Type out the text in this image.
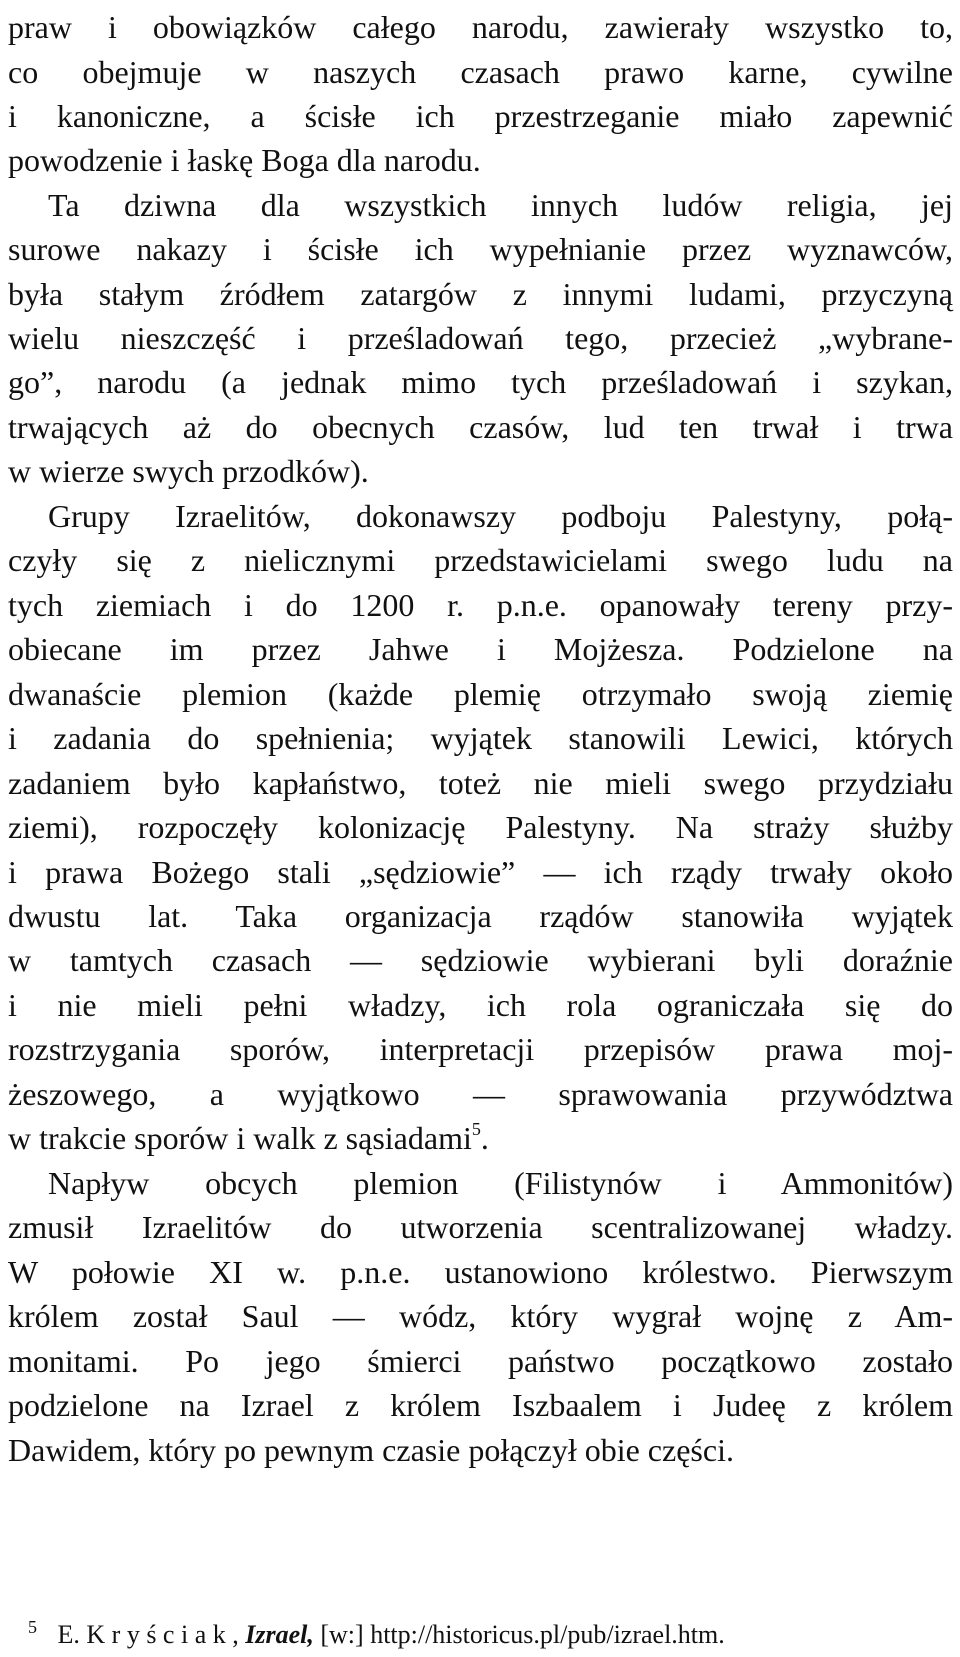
praw i obowiązków całego narodu, zawierały wszystko to,
co obejmuje w naszych czasach prawo karne, cywilne
i kanoniczne, a ścisłe ich przestrzeganie miało zapewnić
powodzenie i łaskę Boga dla narodu.
Ta dziwna dla wszystkich innych ludów religia, jej
surowe nakazy i ścisłe ich wypełnianie przez wyznawców,
była stałym źródłem zatargów z innymi ludami, przyczyną
wielu nieszczęść i prześladowań tego, przecież „wybrane-
go”, narodu (a jednak mimo tych prześladowań i szykan,
trwających aż do obecnych czasów, lud ten trwał i trwa
w wierze swych przodków).
Grupy Izraelitów, dokonawszy podboju Palestyny, połą-
czyły się z nielicznymi przedstawicielami swego ludu na
tych ziemiach i do 1200 r. p.n.e. opanowały tereny przy-
obiecane im przez Jahwe i Mojżesza. Podzielone na
dwanaście plemion (każde plemię otrzymało swoją ziemię
i zadania do spełnienia; wyjątek stanowili Lewici, których
zadaniem było kapłaństwo, toteż nie mieli swego przydziału
ziemi), rozpoczęły kolonizację Palestyny. Na straży służby
i prawa Bożego stali „sędziowie” — ich rządy trwały około
dwustu lat. Taka organizacja rządów stanowiła wyjątek
w tamtych czasach — sędziowie wybierani byli doraźnie
i nie mieli pełni władzy, ich rola ograniczała się do
rozstrzygania sporów, interpretacji przepisów prawa moj-
żeszowego, a wyjątkowo — sprawowania przywództwa
w trakcie sporów i walk z sąsiadami$^5$.
Napływ obcych plemion (Filistynów i Ammonitów)
zmusił Izraelitów do utworzenia scentralizowanej władzy.
W połowie XI w. p.n.e. ustanowiono królestwo. Pierwszym
królem został Saul — wódz, który wygrał wojnę z Am-
monitami. Po jego śmierci państwo początkowo zostało
podzielone na Izrael z królem Iszbaalem i Judeę z królem
Dawidem, który po pewnym czasie połączył obie części.
$^5$ E. K r y ś c i a k , Izrael, [w:] http://historicus.pl/pub/izrael.htm.
